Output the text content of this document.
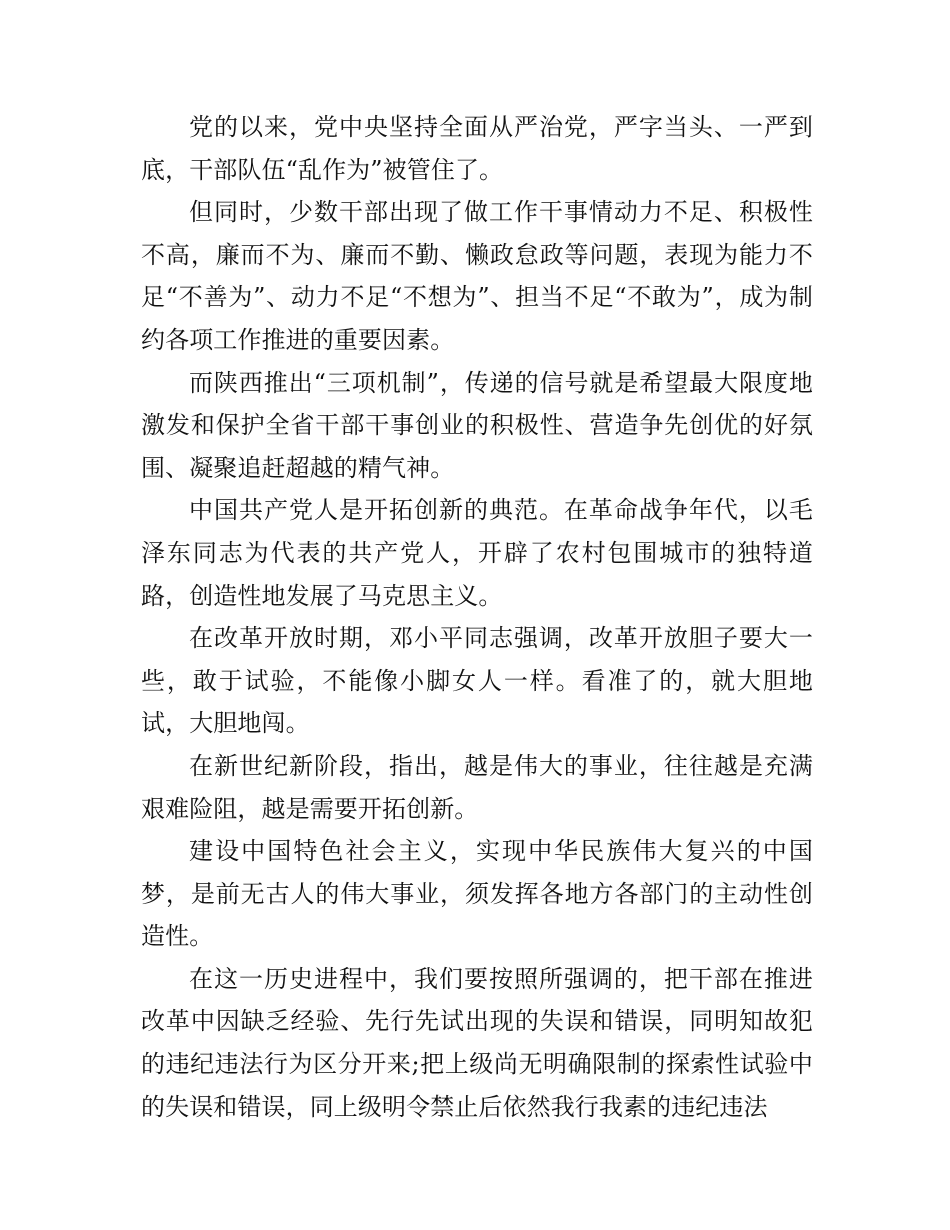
党的以来，党中央坚持全面从严治党，严字当头、一严到底，干部队伍“乱作为”被管住了。

但同时，少数干部出现了做工作干事情动力不足、积极性不高，廉而不为、廉而不勤、懒政怠政等问题，表现为能力不足“不善为”、动力不足“不想为”、担当不足“不敢为”，成为制约各项工作推进的重要因素。

而陕西推出“三项机制”，传递的信号就是希望最大限度地激发和保护全省干部干事创业的积极性、营造争先创优的好氛围、凝聚追赶超越的精气神。

中国共产党人是开拓创新的典范。在革命战争年代，以毛泽东同志为代表的共产党人，开辟了农村包围城市的独特道路，创造性地发展了马克思主义。

在改革开放时期，邓小平同志强调，改革开放胆子要大一些，敢于试验，不能像小脚女人一样。看准了的，就大胆地试，大胆地闯。

在新世纪新阶段，指出，越是伟大的事业，往往越是充满艰难险阻，越是需要开拓创新。

建设中国特色社会主义，实现中华民族伟大复兴的中国梦，是前无古人的伟大事业，须发挥各地方各部门的主动性创造性。

在这一历史进程中，我们要按照所强调的，把干部在推进改革中因缺乏经验、先行先试出现的失误和错误，同明知故犯的违纪违法行为区分开来;把上级尚无明确限制的探索性试验中的失误和错误，同上级明令禁止后依然我行我素的违纪违法
